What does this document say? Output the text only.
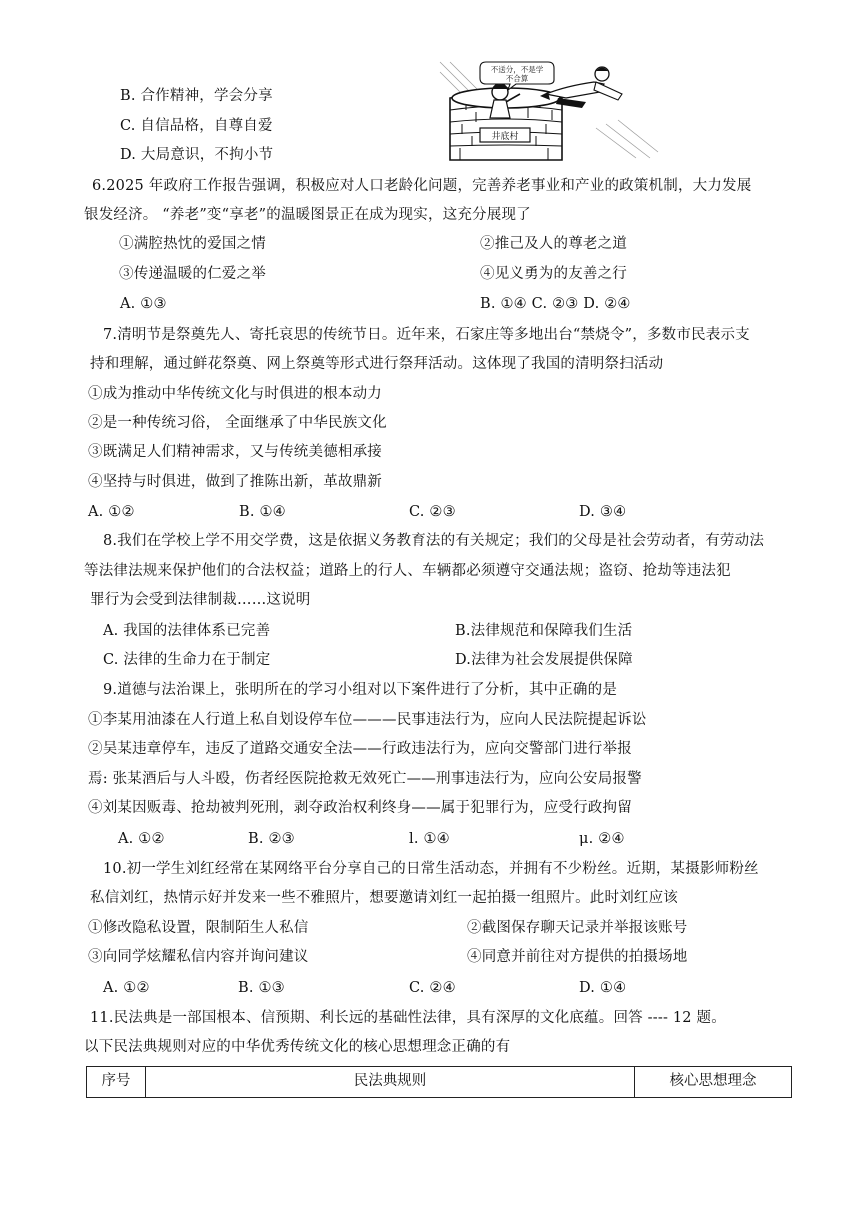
B. 合作精神，学会分享
C. 自信品格，自尊自爱
D. 大局意识，不拘小节
井底村
不送分，不是学
不合算
6.2025 年政府工作报告强调，积极应对人口老龄化问题，完善养老事业和产业的政策机制，大力发展
银发经济。 “养老”变“享老”的温暖图景正在成为现实，这充分展现了
①满腔热忱的爱国之情	②推己及人的尊老之道
③传递温暖的仁爱之举	④见义勇为的友善之行
A. ①③	B. ①④ C. ②③ D. ②④
7.清明节是祭奠先人、寄托哀思的传统节日。近年来，石家庄等多地出台“禁烧令”，多数市民表示支
持和理解，通过鲜花祭奠、网上祭奠等形式进行祭拜活动。这体现了我国的清明祭扫活动
①成为推动中华传统文化与时俱进的根本动力
②是一种传统习俗， 全面继承了中华民族文化
③既满足人们精神需求，又与传统美德相承接
④坚持与时俱进，做到了推陈出新，革故鼎新
A. ①②	B. ①④	C. ②③	D. ③④
8.我们在学校上学不用交学费，这是依据义务教育法的有关规定；我们的父母是社会劳动者，有劳动法
等法律法规来保护他们的合法权益；道路上的行人、车辆都必须遵守交通法规；盗窃、抢劫等违法犯
罪行为会受到法律制裁……这说明
A. 我国的法律体系已完善	B.法律规范和保障我们生活
C. 法律的生命力在于制定	D.法律为社会发展提供保障
9.道德与法治课上，张明所在的学习小组对以下案件进行了分析，其中正确的是
①李某用油漆在人行道上私自划设停车位———民事违法行为，应向人民法院提起诉讼
②吴某违章停车，违反了道路交通安全法——行政违法行为，应向交警部门进行举报
焉: 张某酒后与人斗殴，伤者经医院抢救无效死亡——刑事违法行为，应向公安局报警
④刘某因贩毒、抢劫被判死刑，剥夺政治权利终身——属于犯罪行为，应受行政拘留
A. ①②	B. ②③	l. ①④	μ. ②④
10.初一学生刘红经常在某网络平台分享自己的日常生活动态，并拥有不少粉丝。近期，某摄影师粉丝
私信刘红，热情示好并发来一些不雅照片，想要邀请刘红一起拍摄一组照片。此时刘红应该
①修改隐私设置，限制陌生人私信	②截图保存聊天记录并举报该账号
③向同学炫耀私信内容并询问建议	④同意并前往对方提供的拍摄场地
A. ①②	B. ①③	C. ②④	D. ①④
11.民法典是一部国根本、信预期、利长远的基础性法律，具有深厚的文化底蕴。回答 ---- 12 题。
以下民法典规则对应的中华优秀传统文化的核心思想理念正确的有
序号	民法典规则	核心思想理念
